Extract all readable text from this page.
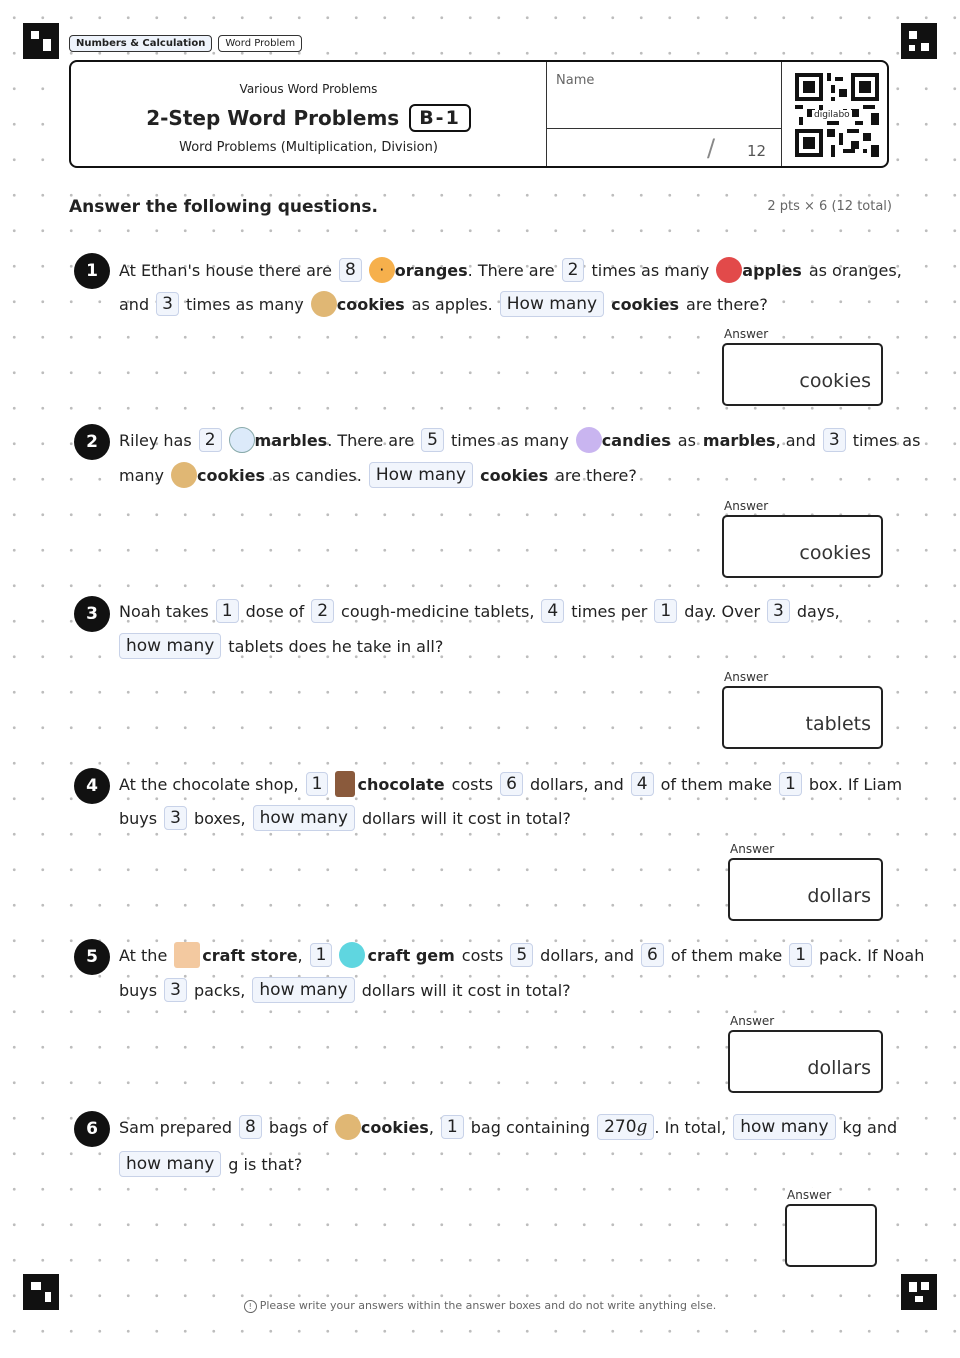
Numbers & Calculation	Word Problem
Various Word Problems
2-Step Word Problems	B-1
Word Problems (Multiplication, Division)
Name
/ 12
digilabo
Answer the following questions.	2 pts × 6 (12 total)
1	At Ethan's house there are 8	· oranges . There are 2 times as many apples as oranges,
and 3 times as many cookies as apples. How many cookies are there?
Answer
cookies
2	Riley has 2	marbles . There are 5 times as many candies as marbles , and 3 times as
many cookies as candies. How many cookies are there?
Answer
cookies
3	Noah takes 1 dose of 2 cough-medicine tablets, 4 times per 1 day. Over 3 days,
how many tablets does he take in all?
Answer
tablets
4	At the chocolate shop, 1	chocolate costs 6 dollars, and 4 of them make 1 box. If Liam
buys 3 boxes, how many dollars will it cost in total?
Answer
dollars
5	At the craft store , 1	craft gem costs 5 dollars, and 6 of them make 1 pack. If Noah
buys 3 packs, how many dollars will it cost in total?
Answer
dollars
6	Sam prepared 8 bags of cookies , 1 bag containing 270g . In total, how many kg and
how many g is that?
Answer
! Please write your answers within the answer boxes and do not write anything else.
